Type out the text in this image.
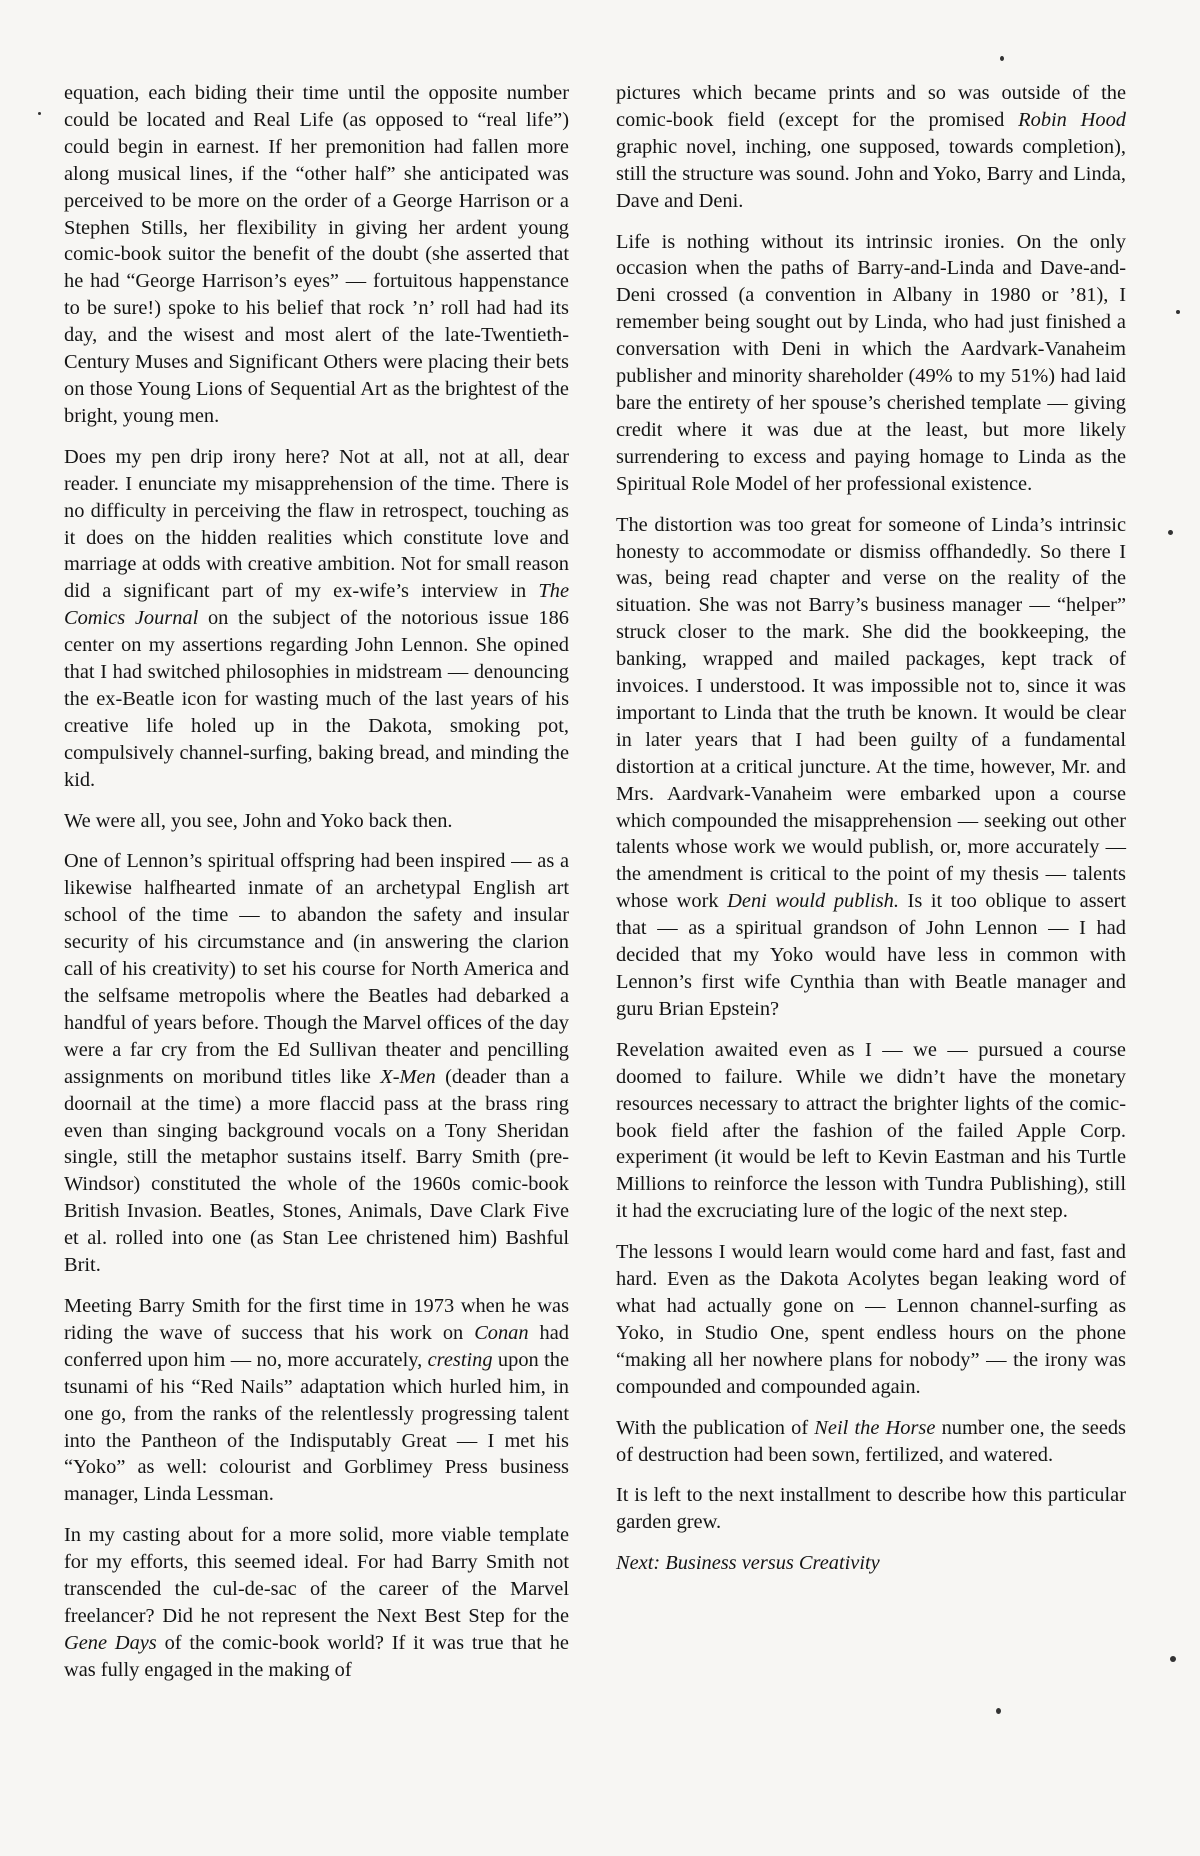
equation, each biding their time until the opposite number could be located and Real Life (as opposed to “real life”) could begin in earnest. If her premonition had fallen more along musical lines, if the “other half” she anticipated was perceived to be more on the order of a George Harrison or a Stephen Stills, her flexibility in giving her ardent young comic-book suitor the benefit of the doubt (she asserted that he had “George Harrison’s eyes” — fortuitous happenstance to be sure!) spoke to his belief that rock ’n’ roll had had its day, and the wisest and most alert of the late-Twentieth-Century Muses and Significant Others were placing their bets on those Young Lions of Sequential Art as the brightest of the bright, young men.

Does my pen drip irony here? Not at all, not at all, dear reader. I enunciate my misapprehension of the time. There is no difficulty in perceiving the flaw in retrospect, touching as it does on the hidden realities which constitute love and marriage at odds with creative ambition. Not for small reason did a significant part of my ex-wife’s interview in The Comics Journal on the subject of the notorious issue 186 center on my assertions regarding John Lennon. She opined that I had switched philosophies in midstream — denouncing the ex-Beatle icon for wasting much of the last years of his creative life holed up in the Dakota, smoking pot, compulsively channel-surfing, baking bread, and minding the kid.

We were all, you see, John and Yoko back then.

One of Lennon’s spiritual offspring had been inspired — as a likewise halfhearted inmate of an archetypal English art school of the time — to abandon the safety and insular security of his circumstance and (in answering the clarion call of his creativity) to set his course for North America and the selfsame metropolis where the Beatles had debarked a handful of years before. Though the Marvel offices of the day were a far cry from the Ed Sullivan theater and pencilling assignments on moribund titles like X-Men (deader than a doornail at the time) a more flaccid pass at the brass ring even than singing background vocals on a Tony Sheridan single, still the metaphor sustains itself. Barry Smith (pre-Windsor) constituted the whole of the 1960s comic-book British Invasion. Beatles, Stones, Animals, Dave Clark Five et al. rolled into one (as Stan Lee christened him) Bashful Brit.

Meeting Barry Smith for the first time in 1973 when he was riding the wave of success that his work on Conan had conferred upon him — no, more accurately, cresting upon the tsunami of his “Red Nails” adaptation which hurled him, in one go, from the ranks of the relentlessly progressing talent into the Pantheon of the Indisputably Great — I met his “Yoko” as well: colourist and Gorblimey Press business manager, Linda Lessman.

In my casting about for a more solid, more viable template for my efforts, this seemed ideal. For had Barry Smith not transcended the cul-de-sac of the career of the Marvel freelancer? Did he not represent the Next Best Step for the Gene Days of the comic-book world? If it was true that he was fully engaged in the making of

pictures which became prints and so was outside of the comic-book field (except for the promised Robin Hood graphic novel, inching, one supposed, towards completion), still the structure was sound. John and Yoko, Barry and Linda, Dave and Deni.

Life is nothing without its intrinsic ironies. On the only occasion when the paths of Barry-and-Linda and Dave-and-Deni crossed (a convention in Albany in 1980 or ’81), I remember being sought out by Linda, who had just finished a conversation with Deni in which the Aardvark-Vanaheim publisher and minority shareholder (49% to my 51%) had laid bare the entirety of her spouse’s cherished template — giving credit where it was due at the least, but more likely surrendering to excess and paying homage to Linda as the Spiritual Role Model of her professional existence.

The distortion was too great for someone of Linda’s intrinsic honesty to accommodate or dismiss offhandedly. So there I was, being read chapter and verse on the reality of the situation. She was not Barry’s business manager — “helper” struck closer to the mark. She did the bookkeeping, the banking, wrapped and mailed packages, kept track of invoices. I understood. It was impossible not to, since it was important to Linda that the truth be known. It would be clear in later years that I had been guilty of a fundamental distortion at a critical juncture. At the time, however, Mr. and Mrs. Aardvark-Vanaheim were embarked upon a course which compounded the misapprehension — seeking out other talents whose work we would publish, or, more accurately — the amendment is critical to the point of my thesis — talents whose work Deni would publish. Is it too oblique to assert that — as a spiritual grandson of John Lennon — I had decided that my Yoko would have less in common with Lennon’s first wife Cynthia than with Beatle manager and guru Brian Epstein?

Revelation awaited even as I — we — pursued a course doomed to failure. While we didn’t have the monetary resources necessary to attract the brighter lights of the comic-book field after the fashion of the failed Apple Corp. experiment (it would be left to Kevin Eastman and his Turtle Millions to reinforce the lesson with Tundra Publishing), still it had the excruciating lure of the logic of the next step.

The lessons I would learn would come hard and fast, fast and hard. Even as the Dakota Acolytes began leaking word of what had actually gone on — Lennon channel-surfing as Yoko, in Studio One, spent endless hours on the phone “making all her nowhere plans for nobody” — the irony was compounded and compounded again.

With the publication of Neil the Horse number one, the seeds of destruction had been sown, fertilized, and watered.

It is left to the next installment to describe how this particular garden grew.

Next: Business versus Creativity
